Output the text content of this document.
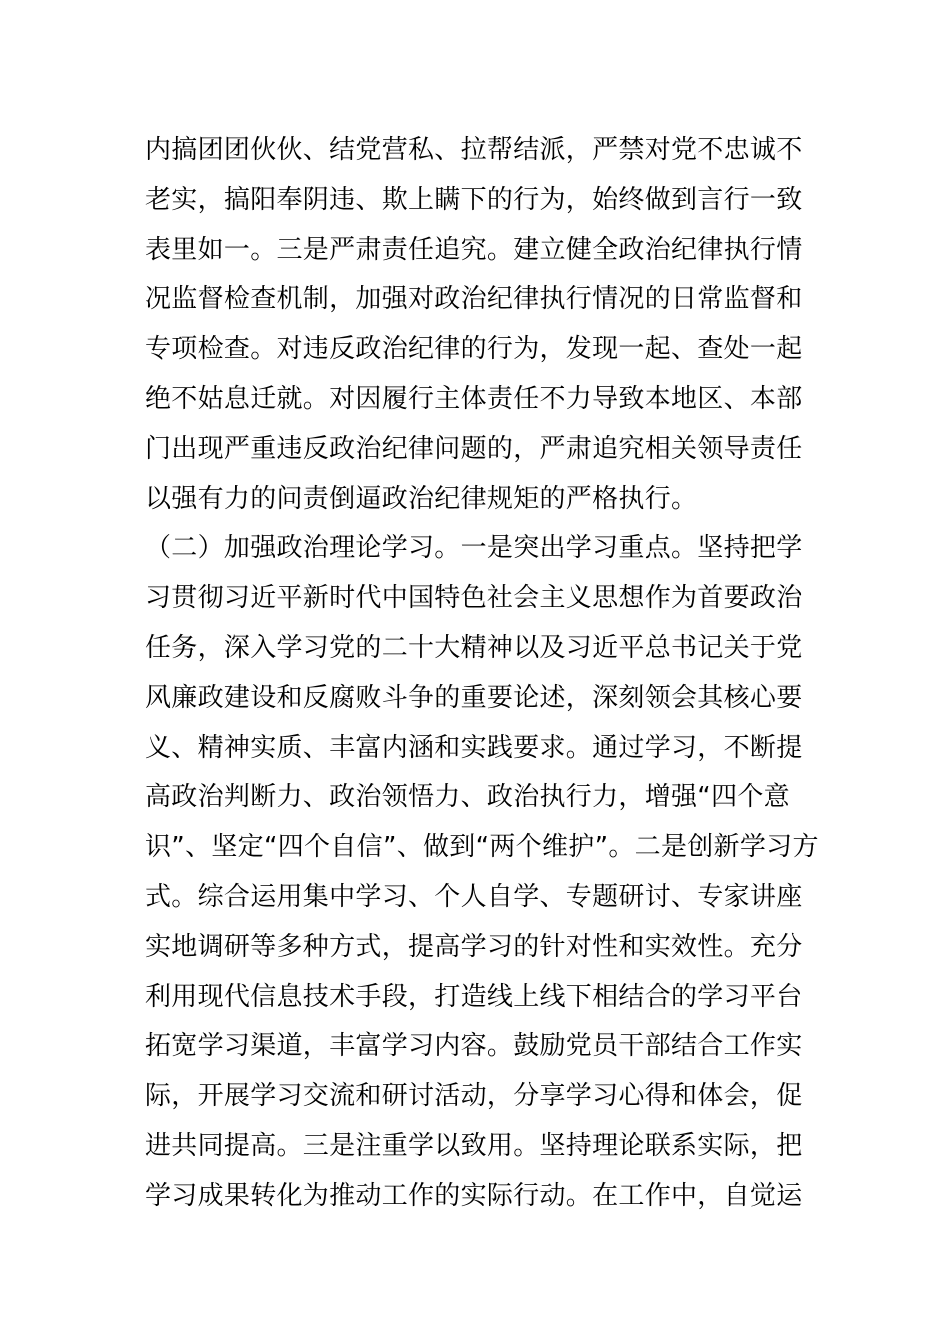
内搞团团伙伙、结党营私、拉帮结派，严禁对党不忠诚不
老实，搞阳奉阴违、欺上瞒下的行为，始终做到言行一致
表里如一。三是严肃责任追究。建立健全政治纪律执行情
况监督检查机制，加强对政治纪律执行情况的日常监督和
专项检查。对违反政治纪律的行为，发现一起、查处一起
绝不姑息迁就。对因履行主体责任不力导致本地区、本部
门出现严重违反政治纪律问题的，严肃追究相关领导责任
以强有力的问责倒逼政治纪律规矩的严格执行。
（二）加强政治理论学习。一是突出学习重点。坚持把学
习贯彻习近平新时代中国特色社会主义思想作为首要政治
任务，深入学习党的二十大精神以及习近平总书记关于党
风廉政建设和反腐败斗争的重要论述，深刻领会其核心要
义、精神实质、丰富内涵和实践要求。通过学习，不断提
高政治判断力、政治领悟力、政治执行力，增强“四个意
识”、坚定“四个自信”、做到“两个维护”。二是创新学习方
式。综合运用集中学习、个人自学、专题研讨、专家讲座
实地调研等多种方式，提高学习的针对性和实效性。充分
利用现代信息技术手段，打造线上线下相结合的学习平台
拓宽学习渠道，丰富学习内容。鼓励党员干部结合工作实
际，开展学习交流和研讨活动，分享学习心得和体会，促
进共同提高。三是注重学以致用。坚持理论联系实际，把
学习成果转化为推动工作的实际行动。在工作中，自觉运
